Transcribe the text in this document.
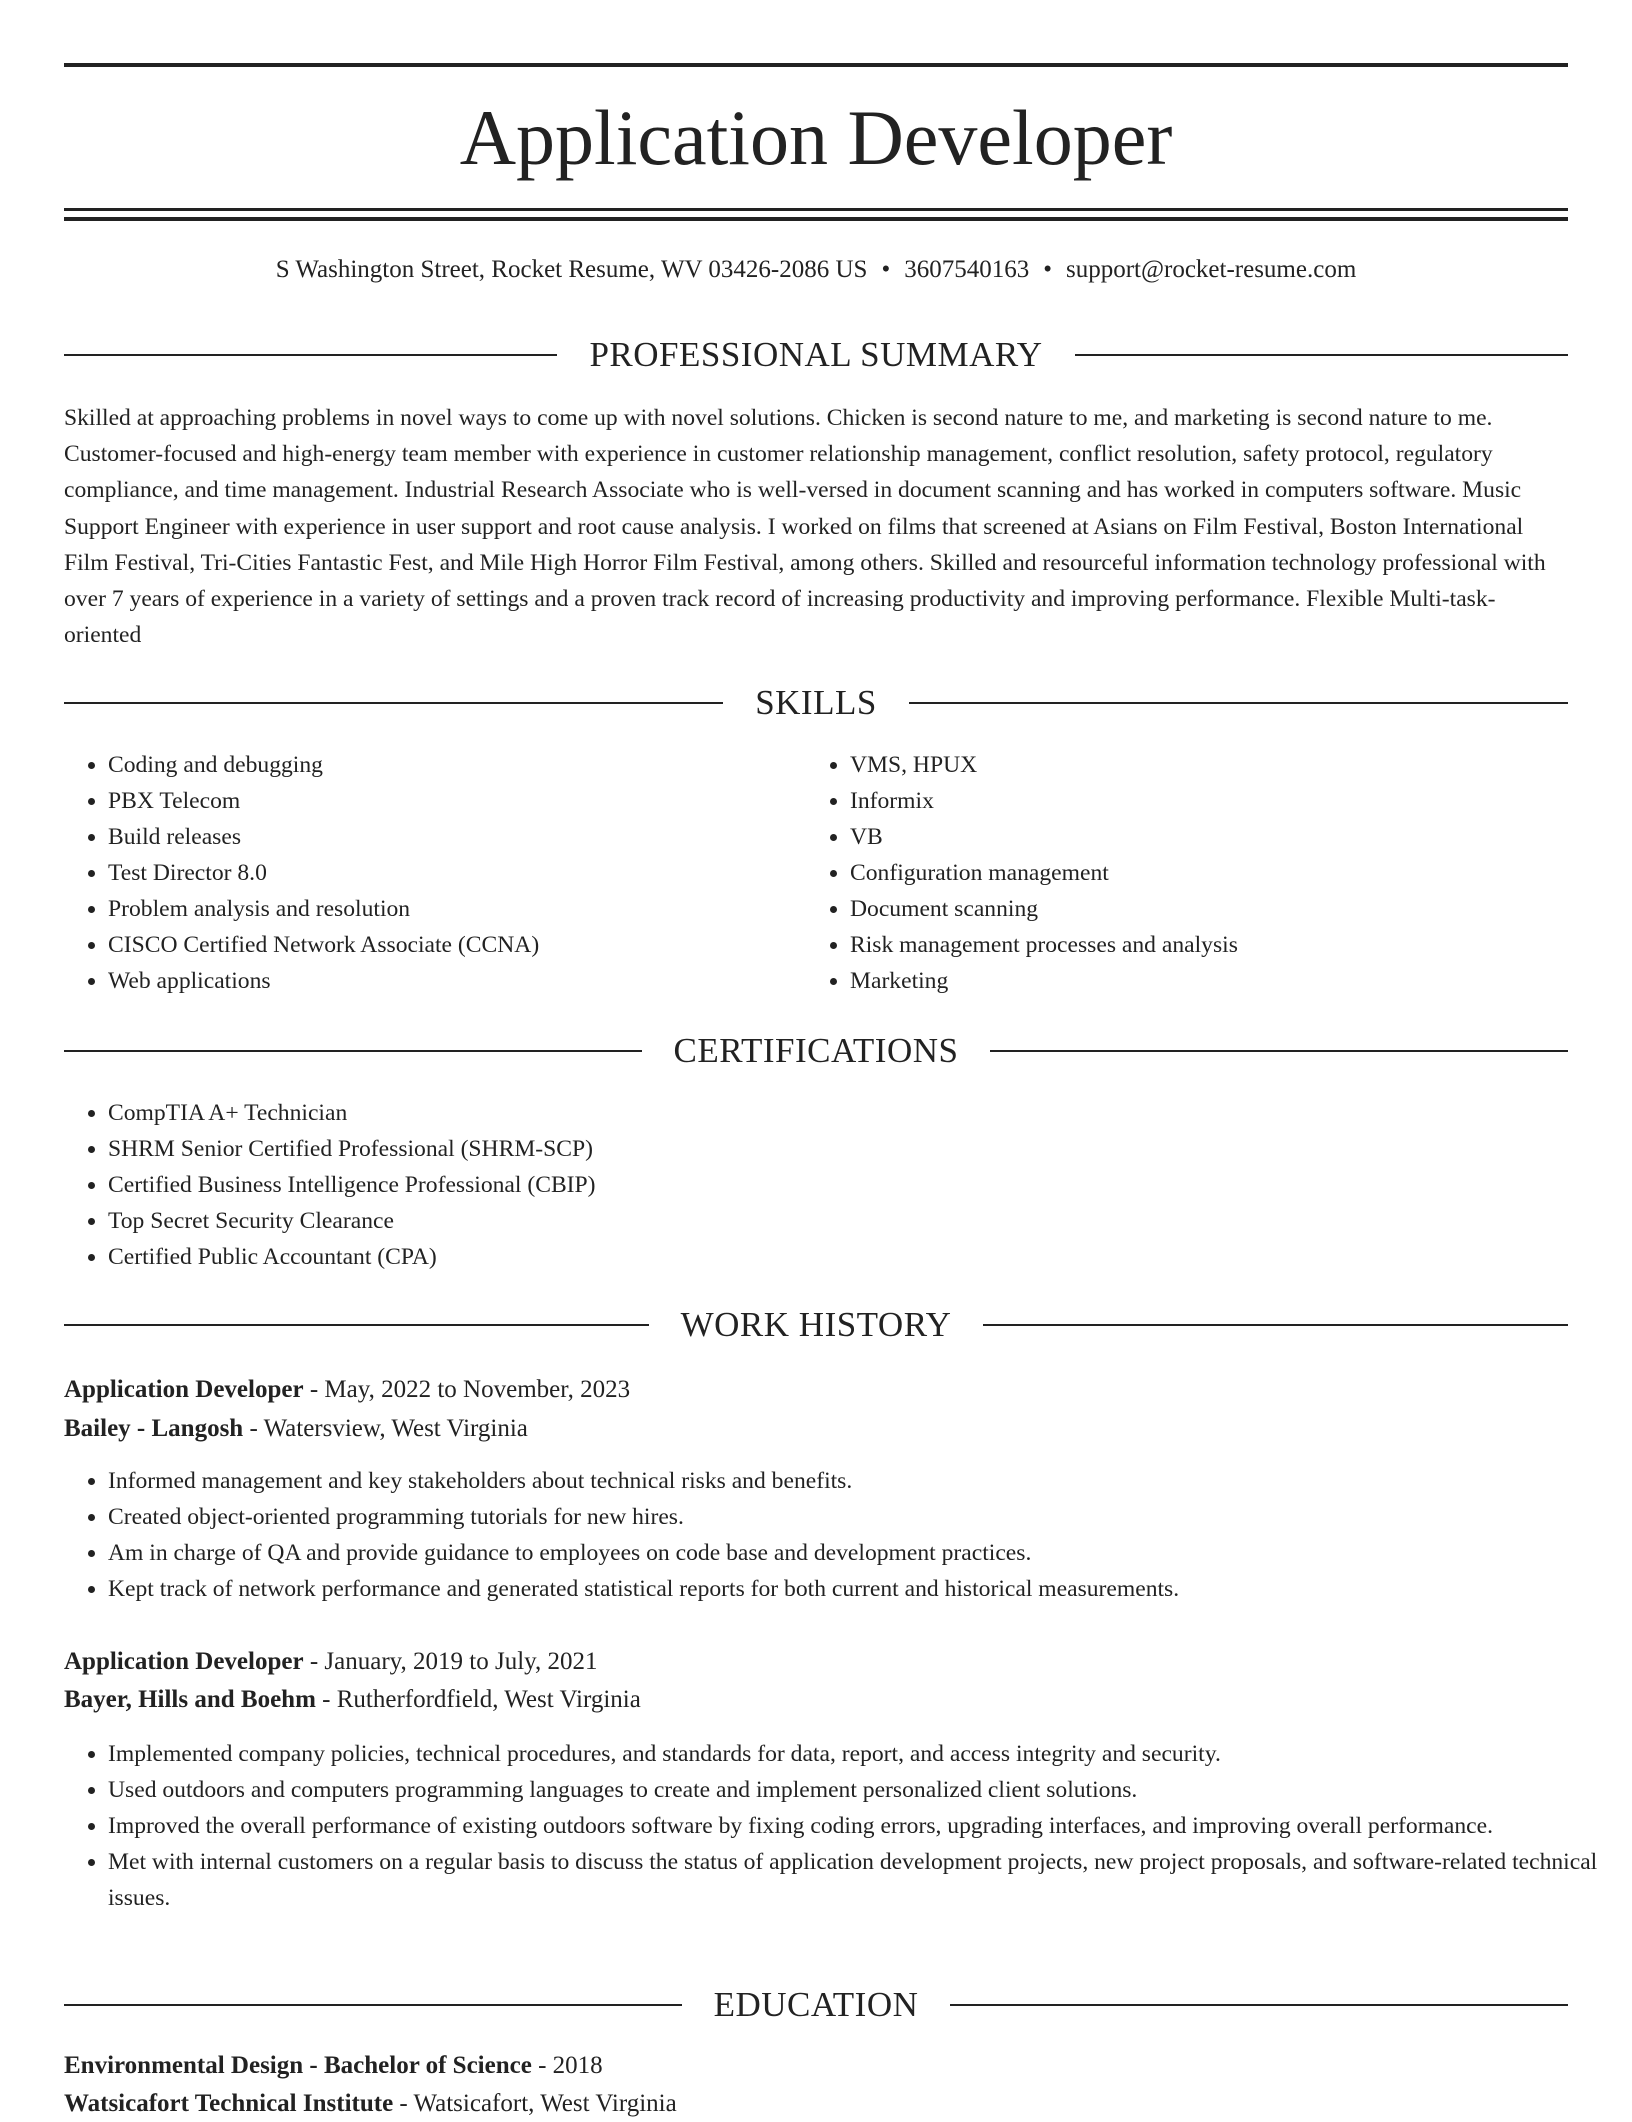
Application Developer
S Washington Street, Rocket Resume, WV 03426-2086 US • 3607540163 • support@rocket-resume.com
PROFESSIONAL SUMMARY

Skilled at approaching problems in novel ways to come up with novel solutions. Chicken is second nature to me, and marketing is second nature to me. Customer-focused and high-energy team member with experience in customer relationship management, conflict resolution, safety protocol, regulatory compliance, and time management. Industrial Research Associate who is well-versed in document scanning and has worked in computers software. Music Support Engineer with experience in user support and root cause analysis. I worked on films that screened at Asians on Film Festival, Boston International Film Festival, Tri-Cities Fantastic Fest, and Mile High Horror Film Festival, among others. Skilled and resourceful information technology professional with over 7 years of experience in a variety of settings and a proven track record of increasing productivity and improving performance. Flexible Multi-task-oriented

SKILLS
• Coding and debugging
• PBX Telecom
• Build releases
• Test Director 8.0
• Problem analysis and resolution
• CISCO Certified Network Associate (CCNA)
• Web applications
• VMS, HPUX
• Informix
• VB
• Configuration management
• Document scanning
• Risk management processes and analysis
• Marketing
CERTIFICATIONS
• CompTIA A+ Technician
• SHRM Senior Certified Professional (SHRM-SCP)
• Certified Business Intelligence Professional (CBIP)
• Top Secret Security Clearance
• Certified Public Accountant (CPA)
WORK HISTORY
Application Developer - May, 2022 to November, 2023
Bailey - Langosh - Watersview, West Virginia
• Informed management and key stakeholders about technical risks and benefits.
• Created object-oriented programming tutorials for new hires.
• Am in charge of QA and provide guidance to employees on code base and development practices.
• Kept track of network performance and generated statistical reports for both current and historical measurements.
Application Developer - January, 2019 to July, 2021
Bayer, Hills and Boehm - Rutherfordfield, West Virginia
• Implemented company policies, technical procedures, and standards for data, report, and access integrity and security.
• Used outdoors and computers programming languages to create and implement personalized client solutions.
• Improved the overall performance of existing outdoors software by fixing coding errors, upgrading interfaces, and improving overall performance.
• Met with internal customers on a regular basis to discuss the status of application development projects, new project proposals, and software-related technical issues.
EDUCATION
Environmental Design - Bachelor of Science - 2018
Watsicafort Technical Institute - Watsicafort, West Virginia
